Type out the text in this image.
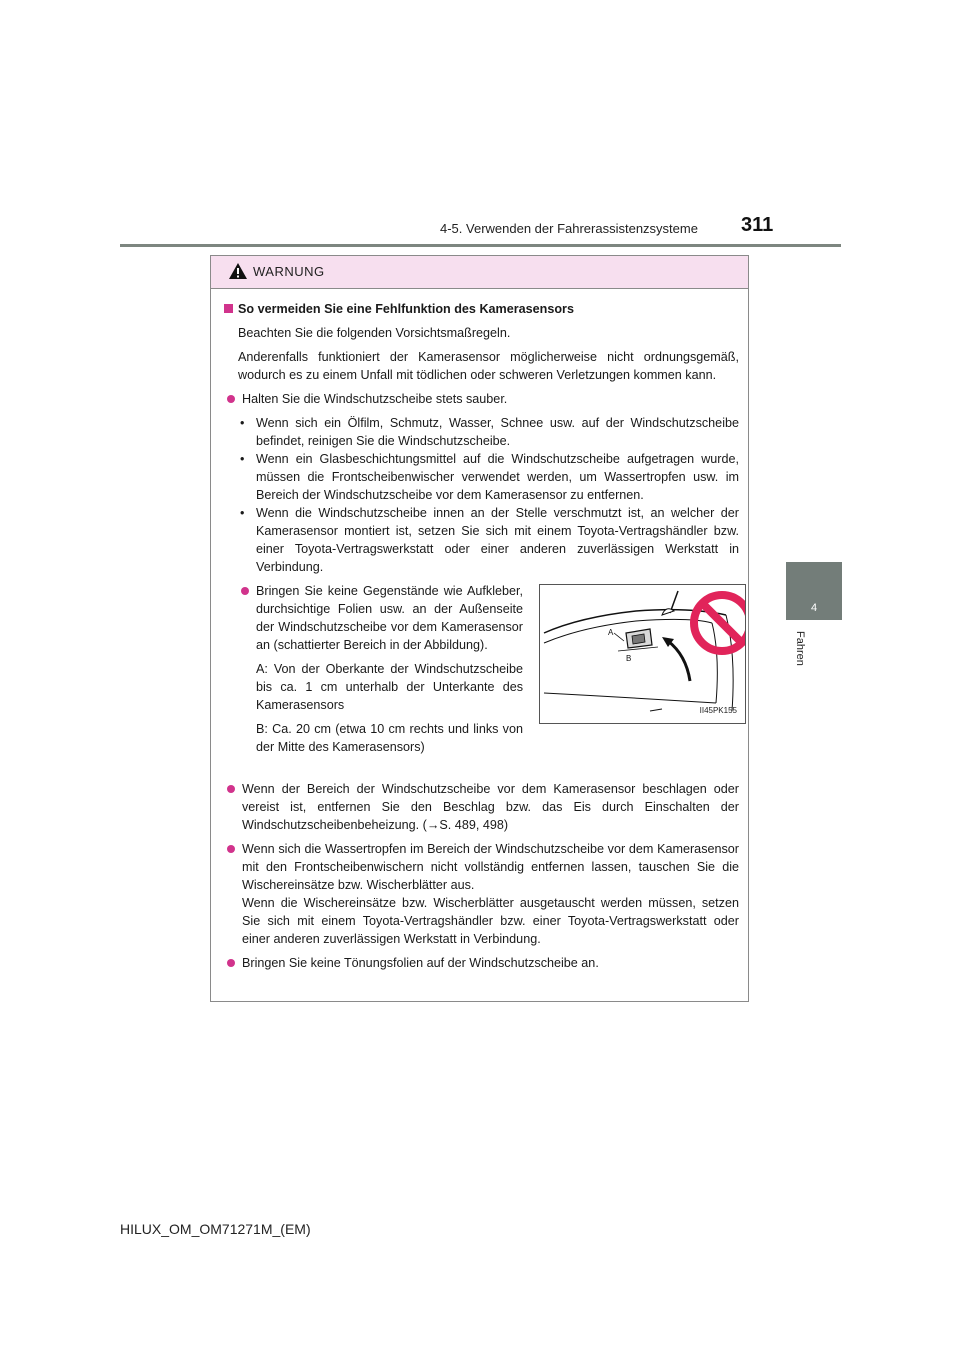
4-5. Verwenden der Fahrerassistenzsysteme 311
4
Fahren
WARNUNG

So vermeiden Sie eine Fehlfunktion des Kamerasensors

Beachten Sie die folgenden Vorsichtsmaßregeln.

Anderenfalls funktioniert der Kamerasensor möglicherweise nicht ordnungsgemäß, wodurch es zu einem Unfall mit tödlichen oder schweren Verletzungen kommen kann.

Halten Sie die Windschutzscheibe stets sauber.

• Wenn sich ein Ölfilm, Schmutz, Wasser, Schnee usw. auf der Windschutzscheibe befindet, reinigen Sie die Windschutzscheibe.

• Wenn ein Glasbeschichtungsmittel auf die Windschutzscheibe aufgetragen wurde, müssen die Frontscheibenwischer verwendet werden, um Wassertropfen usw. im Bereich der Windschutzscheibe vor dem Kamerasensor zu entfernen.

• Wenn die Windschutzscheibe innen an der Stelle verschmutzt ist, an welcher der Kamerasensor montiert ist, setzen Sie sich mit einem Toyota-Vertragshändler bzw. einer Toyota-Vertragswerkstatt oder einer anderen zuverlässigen Werkstatt in Verbindung.

Bringen Sie keine Gegenstände wie Aufkleber, durchsichtige Folien usw. an der Außenseite der Windschutzscheibe vor dem Kamerasensor an (schattierter Bereich in der Abbildung).

A: Von der Oberkante der Windschutzscheibe bis ca. 1 cm unterhalb der Unterkante des Kamerasensors

B: Ca. 20 cm (etwa 10 cm rechts und links von der Mitte des Kamerasensors)

A
B
II45PK155

Wenn der Bereich der Windschutzscheibe vor dem Kamerasensor beschlagen oder vereist ist, entfernen Sie den Beschlag bzw. das Eis durch Einschalten der Windschutzscheibenbeheizung. (→S. 489, 498)

Wenn sich die Wassertropfen im Bereich der Windschutzscheibe vor dem Kamerasensor mit den Frontscheibenwischern nicht vollständig entfernen lassen, tauschen Sie die Wischereinsätze bzw. Wischerblätter aus.
Wenn die Wischereinsätze bzw. Wischerblätter ausgetauscht werden müssen, setzen Sie sich mit einem Toyota-Vertragshändler bzw. einer Toyota-Vertragswerkstatt oder einer anderen zuverlässigen Werkstatt in Verbindung.

Bringen Sie keine Tönungsfolien auf der Windschutzscheibe an.

HILUX_OM_OM71271M_(EM)
